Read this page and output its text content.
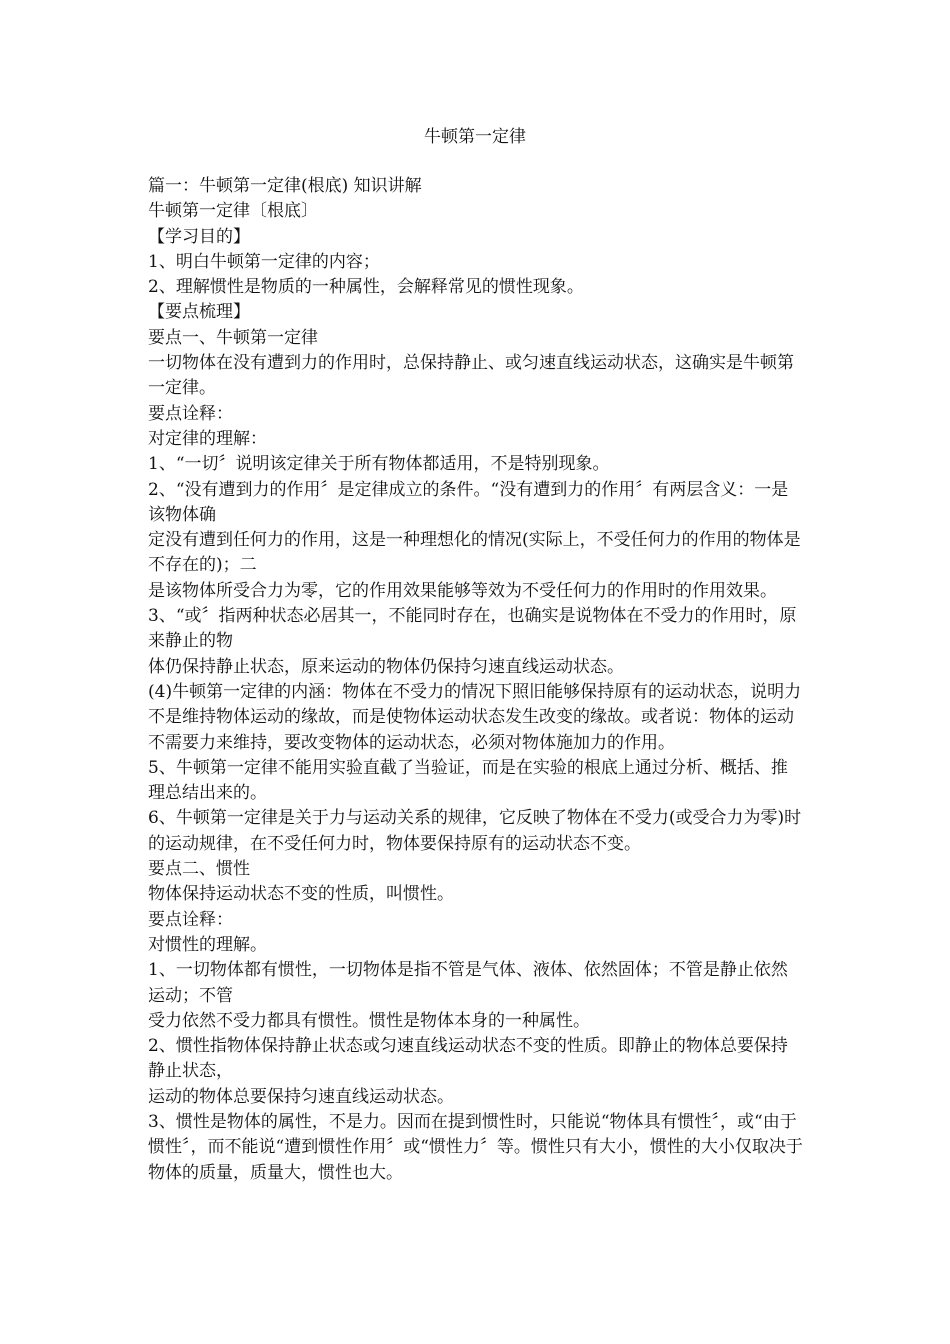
牛顿第一定律

篇一：牛顿第一定律(根底) 知识讲解

牛顿第一定律〔根底〕

【学习目的】

1、明白牛顿第一定律的内容；

2、理解惯性是物质的一种属性，会解释常见的惯性现象。

【要点梳理】

要点一、牛顿第一定律

一切物体在没有遭到力的作用时，总保持静止、或匀速直线运动状态，这确实是牛顿第一定律。

要点诠释：

对定律的理解：

1、“一切〞说明该定律关于所有物体都适用，不是特别现象。

2、“没有遭到力的作用〞是定律成立的条件。“没有遭到力的作用〞有两层含义：一是该物体确

定没有遭到任何力的作用，这是一种理想化的情况(实际上，不受任何力的作用的物体是不存在的)；二

是该物体所受合力为零，它的作用效果能够等效为不受任何力的作用时的作用效果。

3、“或〞指两种状态必居其一，不能同时存在，也确实是说物体在不受力的作用时，原来静止的物

体仍保持静止状态，原来运动的物体仍保持匀速直线运动状态。

(4)牛顿第一定律的内涵：物体在不受力的情况下照旧能够保持原有的运动状态，说明力不是维持物体运动的缘故，而是使物体运动状态发生改变的缘故。或者说：物体的运动不需要力来维持，要改变物体的运动状态，必须对物体施加力的作用。

5、牛顿第一定律不能用实验直截了当验证，而是在实验的根底上通过分析、概括、推理总结出来的。

6、牛顿第一定律是关于力与运动关系的规律，它反映了物体在不受力(或受合力为零)时的运动规律，在不受任何力时，物体要保持原有的运动状态不变。

要点二、惯性

物体保持运动状态不变的性质，叫惯性。

要点诠释：

对惯性的理解。

1、一切物体都有惯性，一切物体是指不管是气体、液体、依然固体；不管是静止依然运动；不管

受力依然不受力都具有惯性。惯性是物体本身的一种属性。

2、惯性指物体保持静止状态或匀速直线运动状态不变的性质。即静止的物体总要保持静止状态，

运动的物体总要保持匀速直线运动状态。

3、惯性是物体的属性，不是力。因而在提到惯性时，只能说“物体具有惯性〞，或“由于惯性〞，而不能说“遭到惯性作用〞或“惯性力〞等。惯性只有大小，惯性的大小仅取决于物体的质量，质量大，惯性也大。
